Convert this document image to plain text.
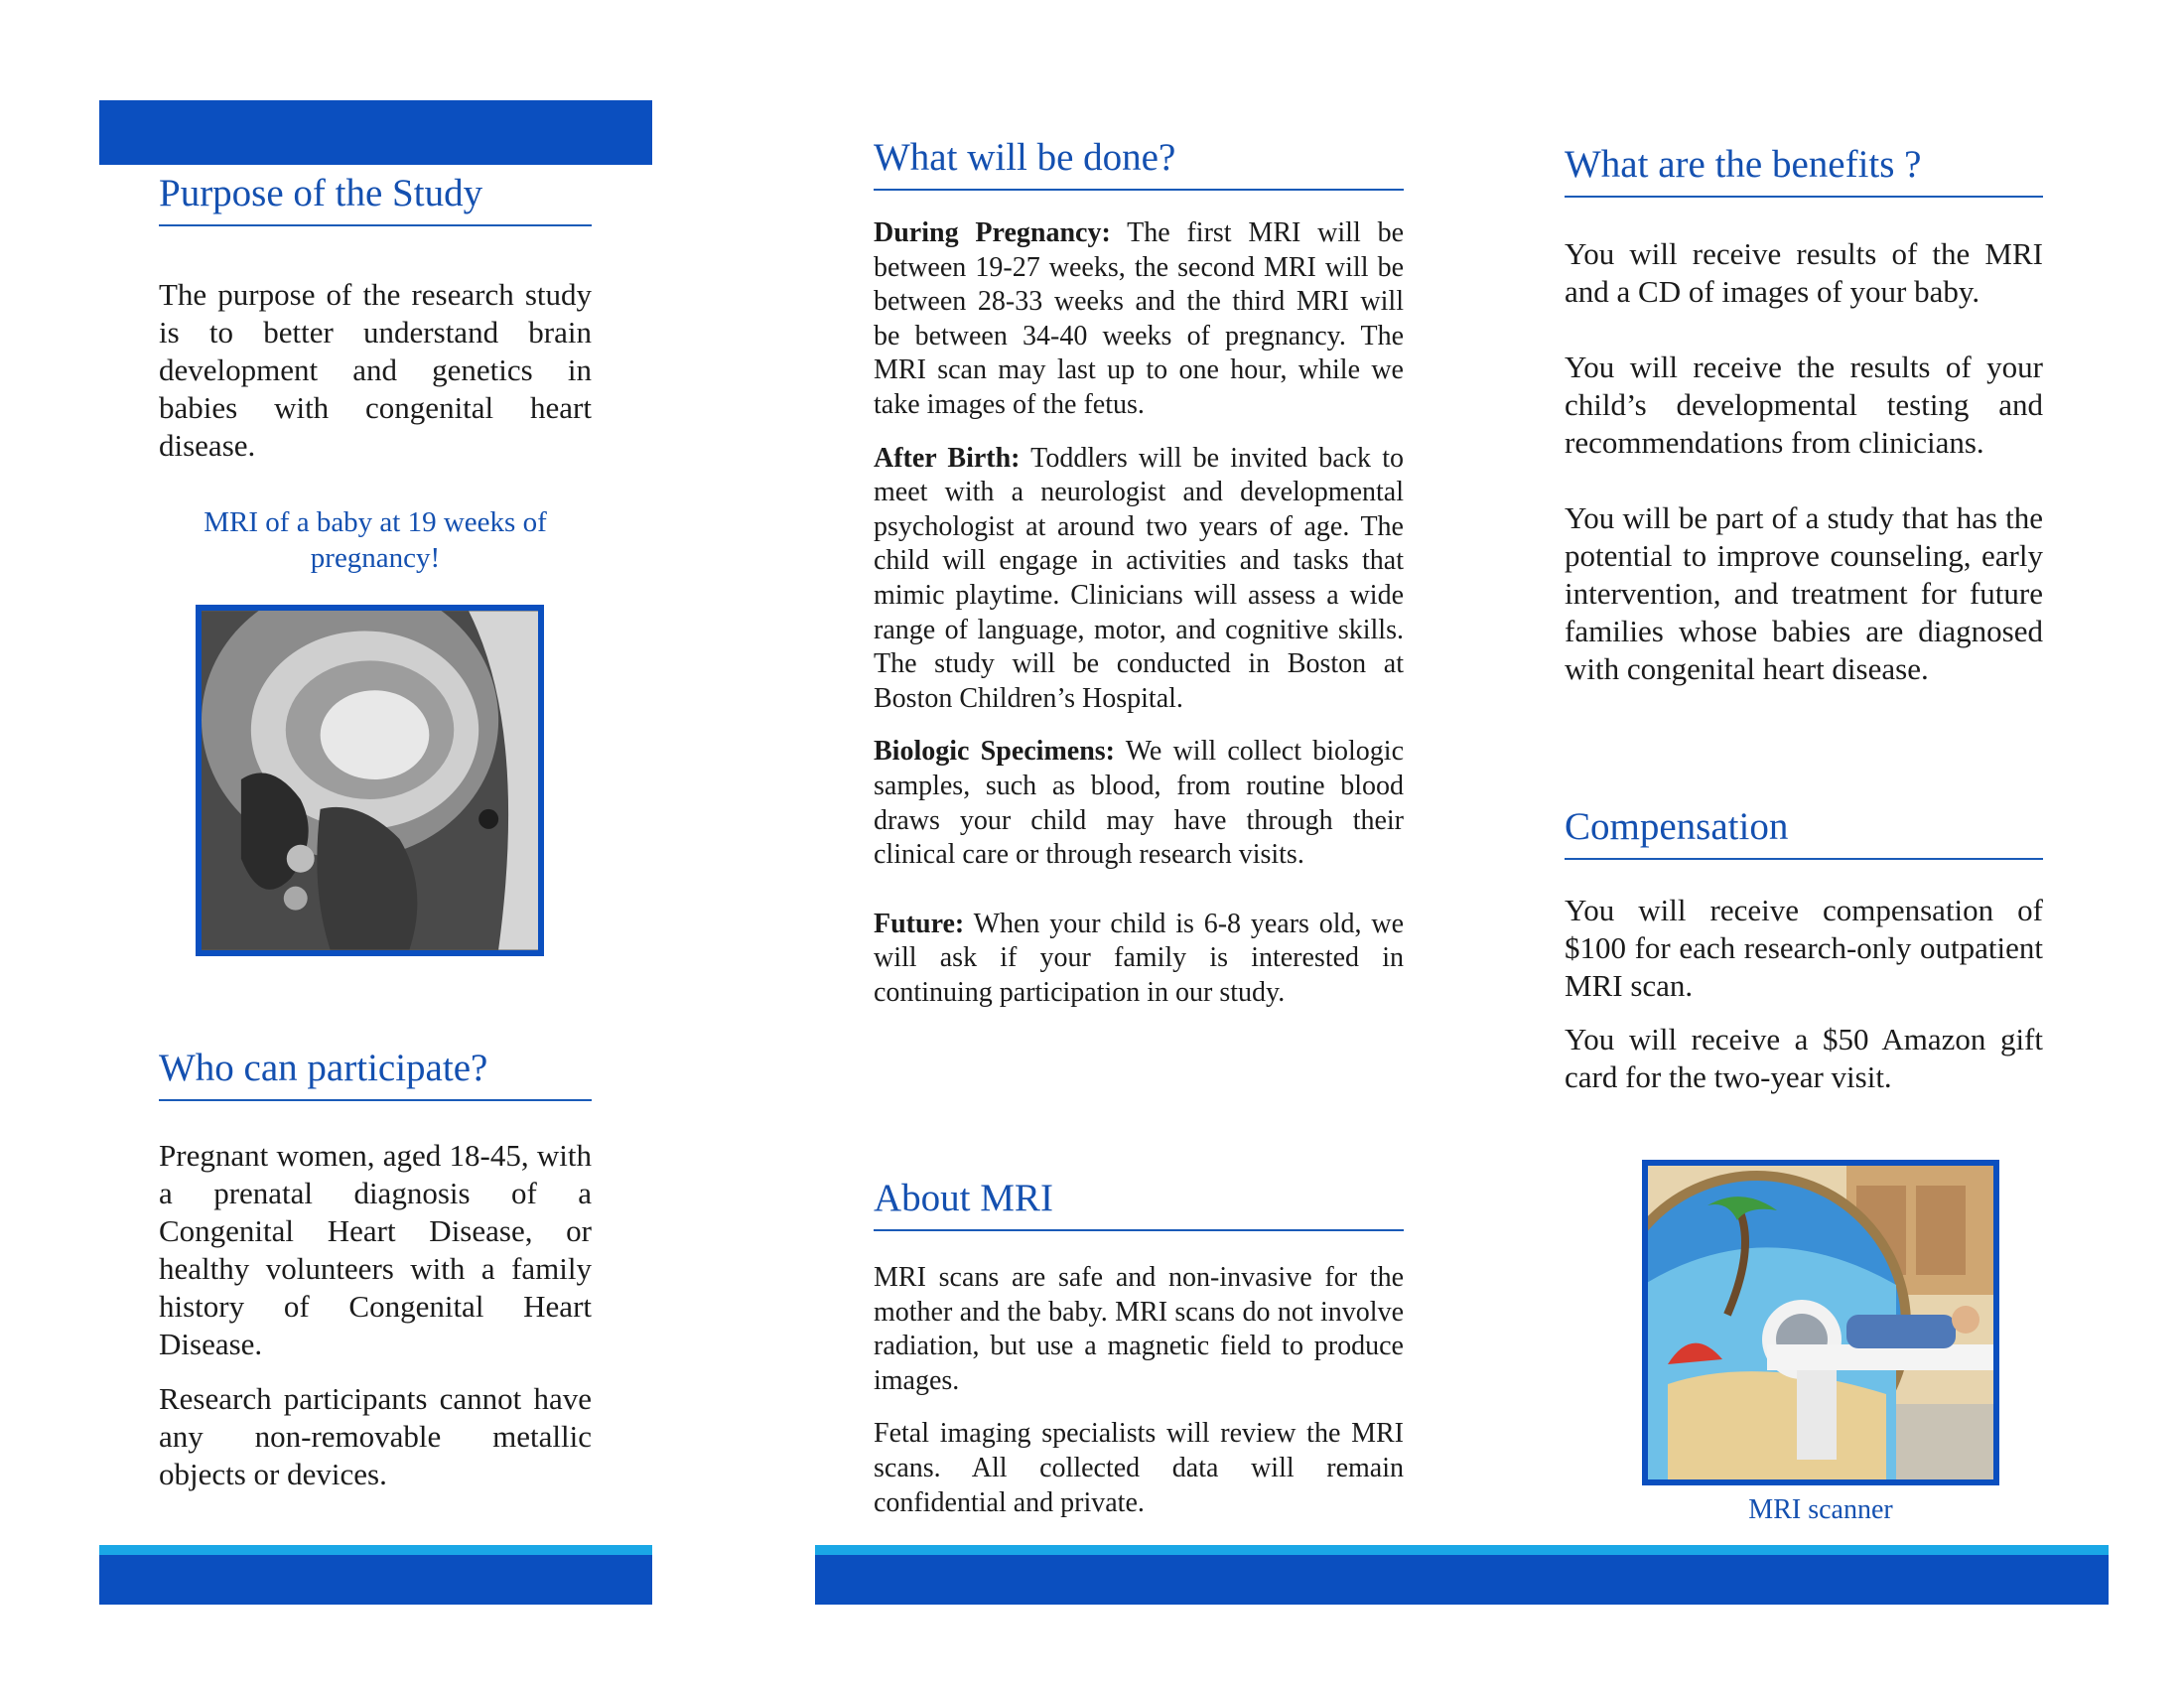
Purpose of the Study

The purpose of the research study is to better understand brain development and genetics in babies with congenital heart disease.

MRI of a baby at 19 weeks of
pregnancy!
Who can participate?

Pregnant women, aged 18-45, with a prenatal diagnosis of a Congenital Heart Disease, or healthy volunteers with a family history of Congenital Heart Disease.

Research participants cannot have any non-removable metallic objects or devices.

What will be done?

During Pregnancy: The first MRI will be between 19-27 weeks, the second MRI will be between 28-33 weeks and the third MRI will be between 34-40 weeks of pregnancy. The MRI scan may last up to one hour, while we take images of the fetus.

After Birth: Toddlers will be invited back to meet with a neurologist and developmental psychologist at around two years of age. The child will engage in activities and tasks that mimic playtime. Clinicians will assess a wide range of language, motor, and cognitive skills. The study will be conducted in Boston at Boston Children’s Hospital.

Biologic Specimens: We will collect biologic samples, such as blood, from routine blood draws your child may have through their clinical care or through research visits.

Future: When your child is 6-8 years old, we will ask if your family is interested in continuing participation in our study.

About MRI

MRI scans are safe and non-invasive for the mother and the baby. MRI scans do not involve radiation, but use a magnetic field to produce images.

Fetal imaging specialists will review the MRI scans. All collected data will remain confidential and private.

What are the benefits ?

You will receive results of the MRI and a CD of images of your baby.

You will receive the results of your child’s developmental testing and recommendations from clinicians.

You will be part of a study that has the potential to improve counseling, early intervention, and treatment for future families whose babies are diagnosed with congenital heart disease.

Compensation

You will receive compensation of $100 for each research-only outpatient MRI scan.

You will receive a $50 Amazon gift card for the two-year visit.

MRI scanner
